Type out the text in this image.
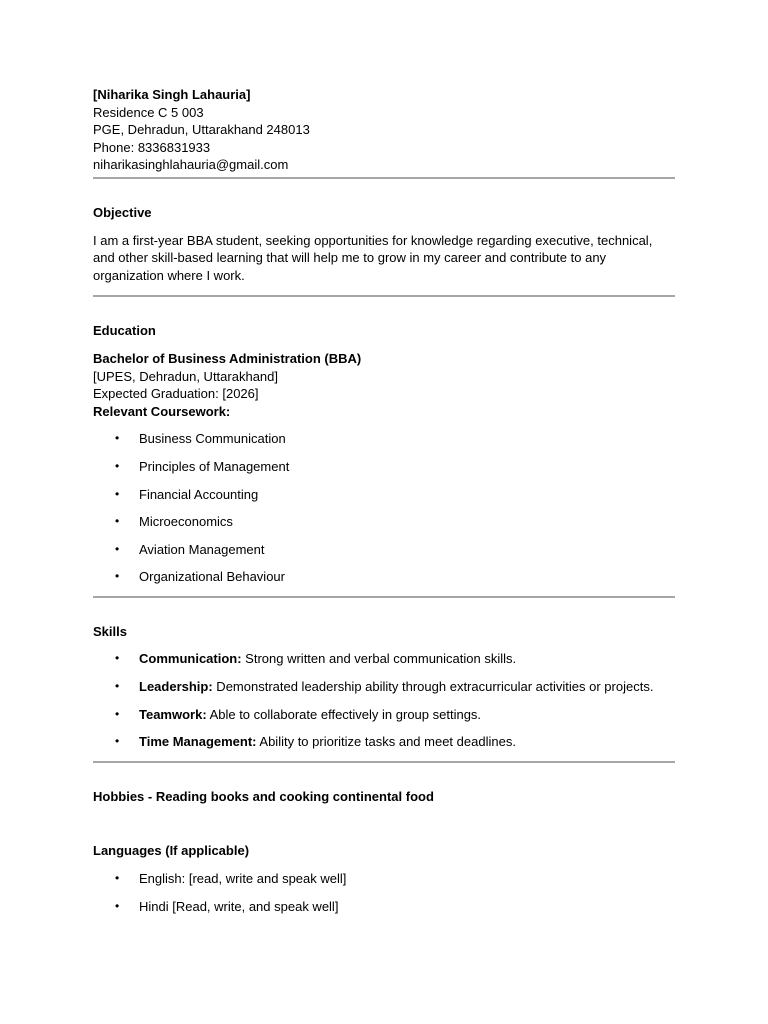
[Niharika Singh Lahauria]
Residence C 5 003
PGE, Dehradun, Uttarakhand 248013
Phone: 8336831933
niharikasinghlahauria@gmail.com
Objective
I am a first-year BBA student, seeking opportunities for knowledge regarding executive, technical,
and other skill-based learning that will help me to grow in my career and contribute to any
organization where I work.
Education
Bachelor of Business Administration (BBA)
[UPES, Dehradun, Uttarakhand]
Expected Graduation: [2026]
Relevant Coursework:
• Business Communication
• Principles of Management
• Financial Accounting
• Microeconomics
• Aviation Management
• Organizational Behaviour
Skills
• Communication: Strong written and verbal communication skills.
• Leadership: Demonstrated leadership ability through extracurricular activities or projects.
• Teamwork: Able to collaborate effectively in group settings.
• Time Management: Ability to prioritize tasks and meet deadlines.
Hobbies - Reading books and cooking continental food
Languages (If applicable)
• English: [read, write and speak well]
• Hindi [Read, write, and speak well]
